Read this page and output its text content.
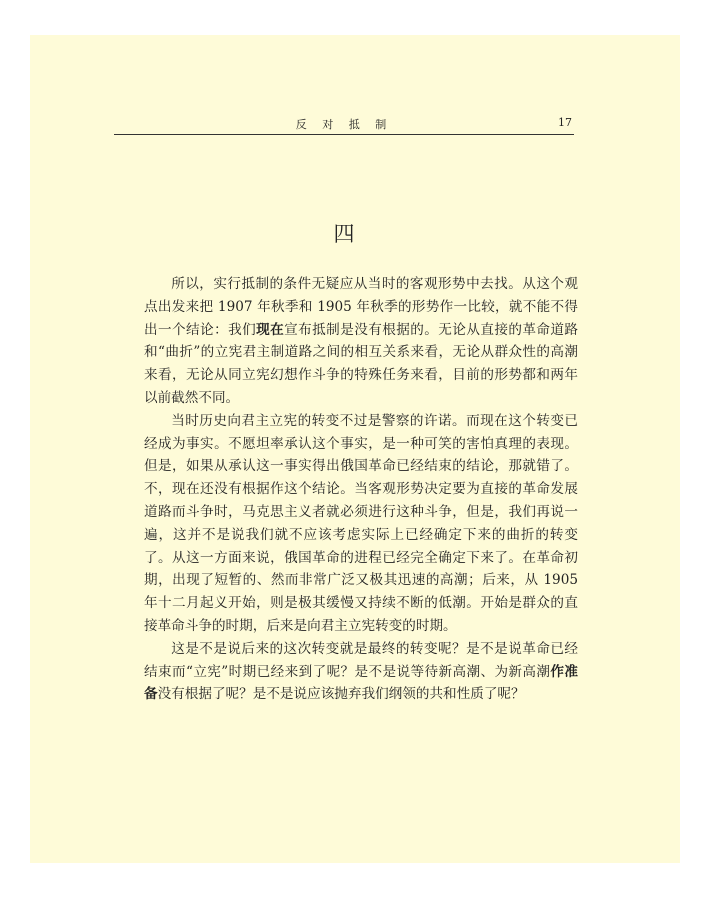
反 对 抵 制	17
四

所以，实行抵制的条件无疑应从当时的客观形势中去找。从这个观点出发来把 1907 年秋季和 1905 年秋季的形势作一比较，就不能不得出一个结论：我们现在宣布抵制是没有根据的。无论从直接的革命道路和“曲折”的立宪君主制道路之间的相互关系来看，无论从群众性的高潮来看，无论从同立宪幻想作斗争的特殊任务来看，目前的形势都和两年以前截然不同。

当时历史向君主立宪的转变不过是警察的许诺。而现在这个转变已经成为事实。不愿坦率承认这个事实，是一种可笑的害怕真理的表现。但是，如果从承认这一事实得出俄国革命已经结束的结论，那就错了。不，现在还没有根据作这个结论。当客观形势决定要为直接的革命发展道路而斗争时，马克思主义者就必须进行这种斗争，但是，我们再说一遍，这并不是说我们就不应该考虑实际上已经确定下来的曲折的转变了。从这一方面来说，俄国革命的进程已经完全确定下来了。在革命初期，出现了短暂的、然而非常广泛又极其迅速的高潮；后来，从 1905 年十二月起义开始，则是极其缓慢又持续不断的低潮。开始是群众的直接革命斗争的时期，后来是向君主立宪转变的时期。

这是不是说后来的这次转变就是最终的转变呢？是不是说革命已经结束而“立宪”时期已经来到了呢？是不是说等待新高潮、为新高潮作准备没有根据了呢？是不是说应该抛弃我们纲领的共和性质了呢？
